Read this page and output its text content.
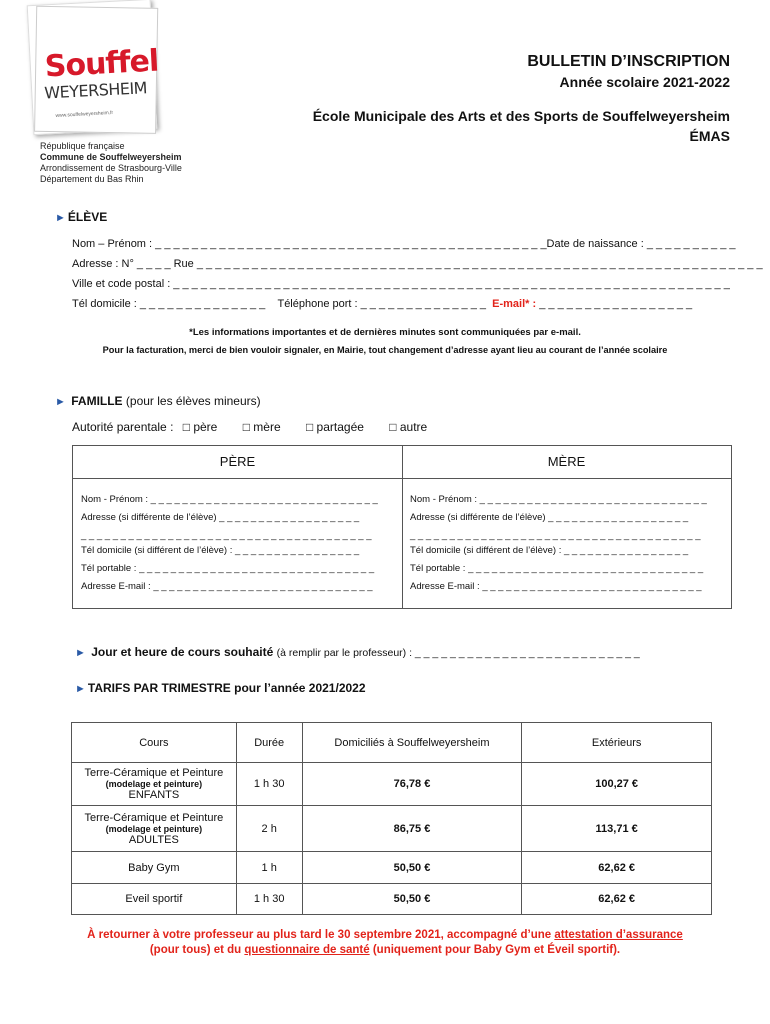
Souffel
WEYERSHEIM
www.souffelweyersheim.fr
République française
Commune de Souffelweyersheim
Arrondissement de Strasbourg-Ville
Département du Bas Rhin
BULLETIN D’INSCRIPTION
Année scolaire 2021-2022
École Municipale des Arts et des Sports de Souffelweyersheim
ÉMAS
► ÉLÈVE
Nom – Prénom : _ _ _ _ _ _ _ _ _ _ _ _ _ _ _ _ _ _ _ _ _ _ _ _ _ _ _ _ _ _ _ _ _ _ _ _ _ _ _ _ _ _ _Date de naissance : _ _ _ _ _ _ _ _ _ _
Adresse : N° _ _ _ _ Rue _ _ _ _ _ _ _ _ _ _ _ _ _ _ _ _ _ _ _ _ _ _ _ _ _ _ _ _ _ _ _ _ _ _ _ _ _ _ _ _ _ _ _ _ _ _ _ _ _ _ _ _ _ _ _ _ _ _ _ _ _ _
Ville et code postal : _ _ _ _ _ _ _ _ _ _ _ _ _ _ _ _ _ _ _ _ _ _ _ _ _ _ _ _ _ _ _ _ _ _ _ _ _ _ _ _ _ _ _ _ _ _ _ _ _ _ _ _ _ _ _ _ _ _ _ _ _
Tél domicile : _ _ _ _ _ _ _ _ _ _ _ _ _ _ Téléphone port : _ _ _ _ _ _ _ _ _ _ _ _ _ _ E-mail* : _ _ _ _ _ _ _ _ _ _ _ _ _ _ _ _ _
*Les informations importantes et de dernières minutes sont communiquées par e-mail.
Pour la facturation, merci de bien vouloir signaler, en Mairie, tout changement d’adresse ayant lieu au courant de l’année scolaire
► FAMILLE (pour les élèves mineurs)
Autorité parentale : □ père □ mère □ partagée □ autre
PÈRE	MÈRE
Nom - Prénom : _ _ _ _ _ _ _ _ _ _ _ _ _ _ _ _ _ _ _ _ _ _ _ _ _ _ _ _ _
Adresse (si différente de l’élève) _ _ _ _ _ _ _ _ _ _ _ _ _ _ _ _ _ _
_ _ _ _ _ _ _ _ _ _ _ _ _ _ _ _ _ _ _ _ _ _ _ _ _ _ _ _ _ _ _ _ _ _ _ _ _
Tél domicile (si différent de l’élève) : _ _ _ _ _ _ _ _ _ _ _ _ _ _ _ _
Tél portable : _ _ _ _ _ _ _ _ _ _ _ _ _ _ _ _ _ _ _ _ _ _ _ _ _ _ _ _ _ _
Adresse E-mail : _ _ _ _ _ _ _ _ _ _ _ _ _ _ _ _ _ _ _ _ _ _ _ _ _ _ _ _
Nom - Prénom : _ _ _ _ _ _ _ _ _ _ _ _ _ _ _ _ _ _ _ _ _ _ _ _ _ _ _ _ _
Adresse (si différente de l’élève) _ _ _ _ _ _ _ _ _ _ _ _ _ _ _ _ _ _
_ _ _ _ _ _ _ _ _ _ _ _ _ _ _ _ _ _ _ _ _ _ _ _ _ _ _ _ _ _ _ _ _ _ _ _ _
Tél domicile (si différent de l’élève) : _ _ _ _ _ _ _ _ _ _ _ _ _ _ _ _
Tél portable : _ _ _ _ _ _ _ _ _ _ _ _ _ _ _ _ _ _ _ _ _ _ _ _ _ _ _ _ _ _
Adresse E-mail : _ _ _ _ _ _ _ _ _ _ _ _ _ _ _ _ _ _ _ _ _ _ _ _ _ _ _ _
► Jour et heure de cours souhaité (à remplir par le professeur) : _ _ _ _ _ _ _ _ _ _ _ _ _ _ _ _ _ _ _ _ _ _ _ _ _ _
► TARIFS PAR TRIMESTRE pour l’année 2021/2022
Cours	Durée	Domiciliés à Souffelweyersheim	Extérieurs

Terre-Céramique et Peinture
(modelage et peinture)
ENFANTS	1 h 30	76,78 €	100,27 €

Terre-Céramique et Peinture
(modelage et peinture)
ADULTES	2 h	86,75 €	113,71 €
Baby Gym	1 h	50,50 €	62,62 €
Eveil sportif	1 h 30	50,50 €	62,62 €
À retourner à votre professeur au plus tard le 30 septembre 2021, accompagné d’une attestation d’assurance
(pour tous) et du questionnaire de santé (uniquement pour Baby Gym et Éveil sportif).
